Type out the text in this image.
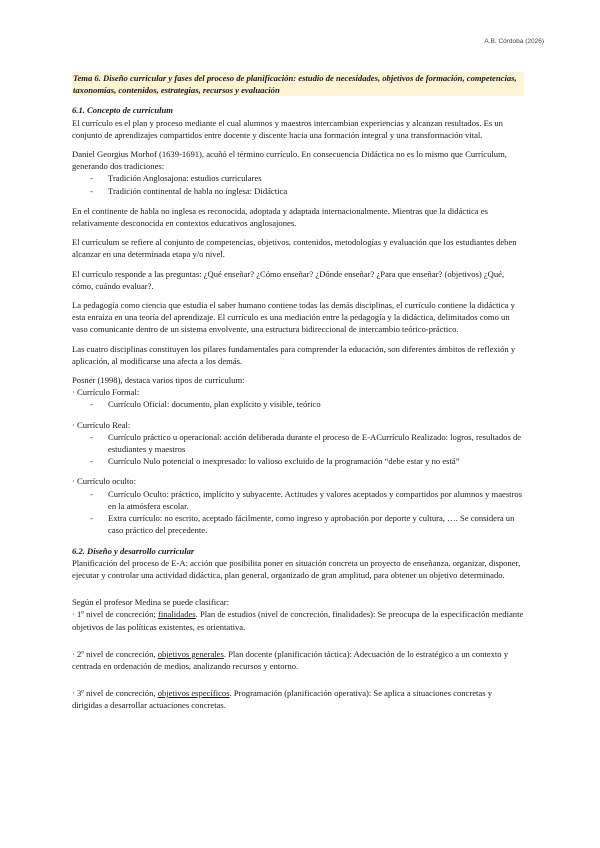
A.B. Córdoba (2026)

Tema 6. Diseño curricular y fases del proceso de planificación: estudio de necesidades, objetivos de formación, competencias, taxonomías, contenidos, estrategias, recursos y evaluación

6.1. Concepto de currículum

El currículo es el plan y proceso mediante el cual alumnos y maestros intercambian experiencias y alcanzan resultados. Es un conjunto de aprendizajes compartidos entre docente y discente hacia una formación integral y una transformación vital.

Daniel Georgius Morhof (1639-1691), acuñó el término currículo. En consecuencia Didáctica no es lo mismo que Currículum, generando dos tradiciones:

- Tradición Anglosajona: estudios curriculares
- Tradición continental de habla no inglesa: Didáctica

En el continente de habla no inglesa es reconocida, adoptada y adaptada internacionalmente. Mientras que la didáctica es relativamente desconocida en contextos educativos anglosajones.

El currículum se refiere al conjunto de competencias, objetivos, contenidos, metodologías y evaluación que los estudiantes deben alcanzar en una determinada etapa y/o nivel.

El currículo responde a las preguntas: ¿Qué enseñar? ¿Cómo enseñar? ¿Dónde enseñar? ¿Para que enseñar? (objetivos) ¿Qué, cómo, cuándo evaluar?.

La pedagogía como ciencia que estudia el saber humano contiene todas las demás disciplinas, el currículo contiene la didáctica y esta enraíza en una teoría del aprendizaje. El currículo es una mediación entre la pedagogía y la didáctica, delimitados como un vaso comunicante dentro de un sistema envolvente, una estructura bidireccional de intercambio teórico-práctico.

Las cuatro disciplinas constituyen los pilares fundamentales para comprender la educación, son diferentes ámbitos de reflexión y aplicación, al modificarse una afecta a los demás.

Posner (1998), destaca varios tipos de currículum:

· Currículo Formal:

- Currículo Oficial: documento, plan explícito y visible, teórico

· Currículo Real:

- Currículo práctico u operacional: acción deliberada durante el proceso de E-ACurrículo Realizado: logros, resultados de estudiantes y maestros
- Currículo Nulo potencial o inexpresado: lo valioso excluido de la programación “debe estar y no está”

· Currículo oculto:

- Currículo Oculto: práctico, implícito y subyacente. Actitudes y valores aceptados y compartidos por alumnos y maestros en la atmósfera escolar.
- Extra currículo: no escrito, aceptado fácilmente, como ingreso y aprobación por deporte y cultura, …. Se considera un caso práctico del precedente.

6.2. Diseño y desarrollo curricular

Planificación del proceso de E-A: acción que posibilita poner en situación concreta un proyecto de enseñanza. organizar, disponer, ejecutar y controlar una actividad didáctica, plan general, organizado de gran amplitud, para obtener un objetivo determinado.

Según el profesor Medina se puede clasificar:

· 1º nivel de concreción; finalidades. Plan de estudios (nivel de concreción, finalidades): Se preocupa de la especificación mediante objetivos de las políticas existentes, es orientativa.

· 2º nivel de concreción, objetivos generales. Plan docente (planificación táctica): Adecuación de lo estratégico a un contexto y centrada en ordenación de medios, analizando recursos y entorno.

· 3º nivel de concreción, objetivos específicos. Programación (planificación operativa): Se aplica a situaciones concretas y dirigidas a desarrollar actuaciones concretas.
